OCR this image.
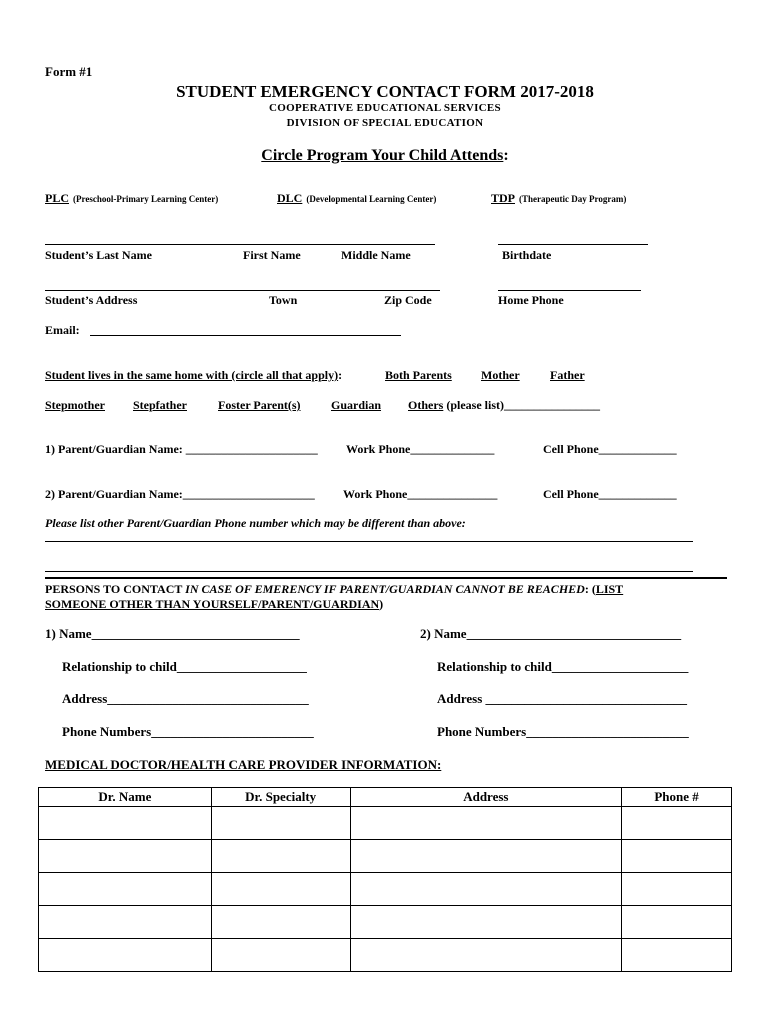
Form #1
STUDENT EMERGENCY CONTACT FORM 2017-2018
COOPERATIVE EDUCATIONAL SERVICES
DIVISION OF SPECIAL EDUCATION
Circle Program Your Child Attends:
PLC (Preschool-Primary Learning Center)	DLC (Developmental Learning Center)	TDP (Therapeutic Day Program)
Student’s Last Name	First Name	Middle Name	Birthdate
Student’s Address	Town	Zip Code	Home Phone
Email:
Student lives in the same home with (circle all that apply):	Both Parents Mother	Father
Stepmother Stepfather	Foster Parent(s)	Guardian Others (please list)________________
1) Parent/Guardian Name: ______________________ Work Phone______________	Cell Phone_____________
2) Parent/Guardian Name:______________________ Work Phone_______________	Cell Phone_____________
Please list other Parent/Guardian Phone number which may be different than above:
PERSONS TO CONTACT IN CASE OF EMERENCY IF PARENT/GUARDIAN CANNOT BE REACHED: (LIST
SOMEONE OTHER THAN YOURSELF/PARENT/GUARDIAN)
1) Name________________________________
Relationship to child____________________
Address_______________________________
Phone Numbers_________________________
2) Name_________________________________
Relationship to child_____________________
Address _______________________________
Phone Numbers_________________________
MEDICAL DOCTOR/HEALTH CARE PROVIDER INFORMATION:
Dr. Name	Dr. Specialty	Address	Phone #
